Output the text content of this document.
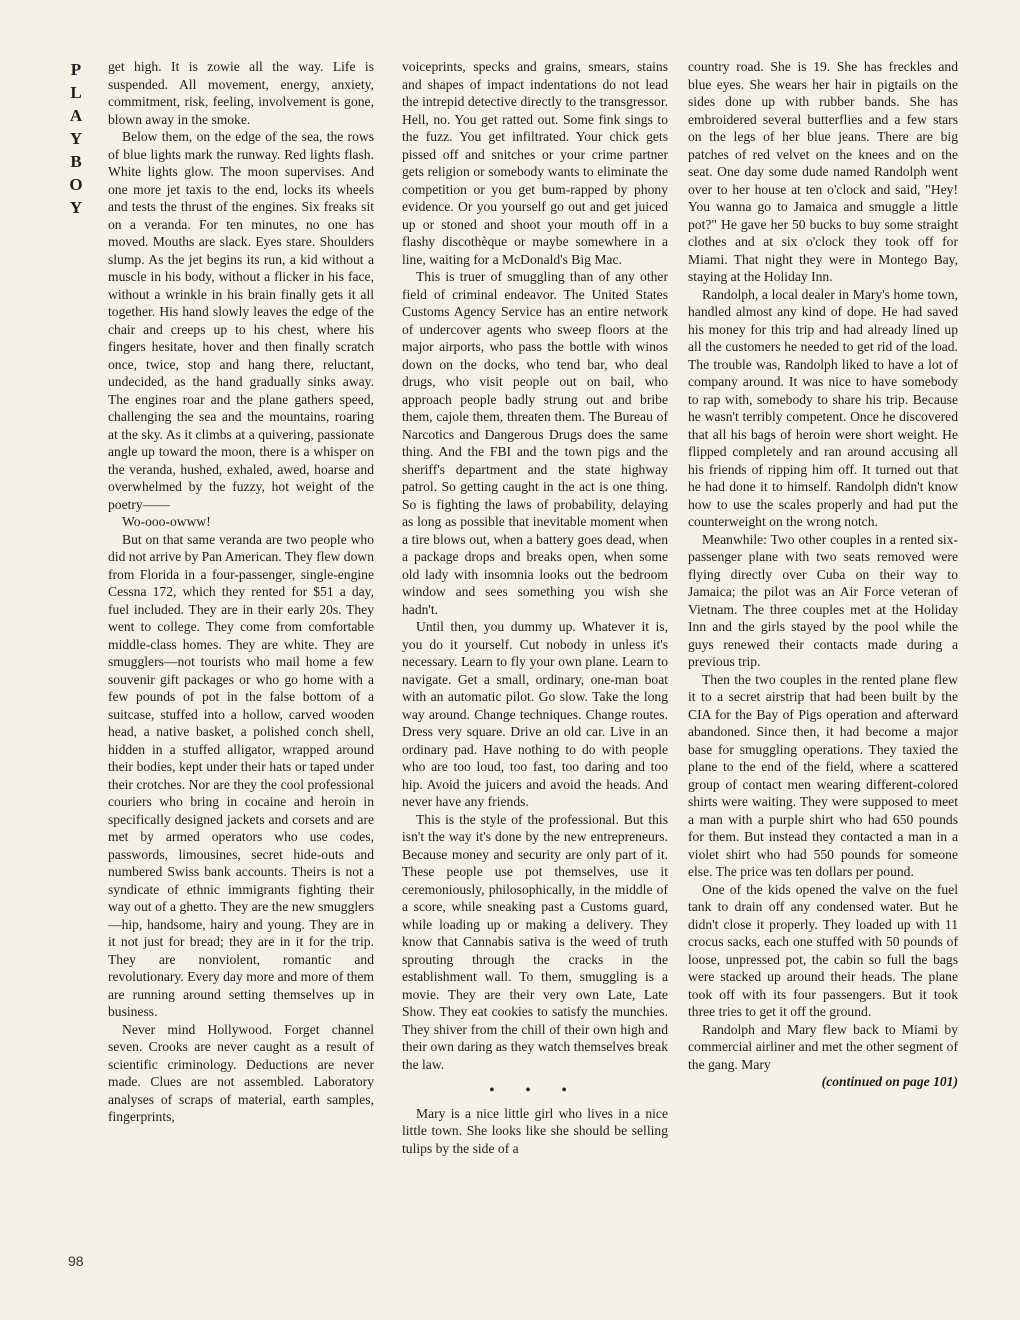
P
L
A
Y
B
O
Y
98

get high. It is zowie all the way. Life is suspended. All movement, energy, anxiety, commitment, risk, feeling, involvement is gone, blown away in the smoke.

Below them, on the edge of the sea, the rows of blue lights mark the runway. Red lights flash. White lights glow. The moon supervises. And one more jet taxis to the end, locks its wheels and tests the thrust of the engines. Six freaks sit on a veranda. For ten minutes, no one has moved. Mouths are slack. Eyes stare. Shoulders slump. As the jet begins its run, a kid without a muscle in his body, without a flicker in his face, without a wrinkle in his brain finally gets it all together. His hand slowly leaves the edge of the chair and creeps up to his chest, where his fingers hesitate, hover and then finally scratch once, twice, stop and hang there, reluctant, undecided, as the hand gradually sinks away. The engines roar and the plane gathers speed, challenging the sea and the mountains, roaring at the sky. As it climbs at a quivering, passionate angle up toward the moon, there is a whisper on the veranda, hushed, exhaled, awed, hoarse and overwhelmed by the fuzzy, hot weight of the poetry——

Wo-ooo-owww!

But on that same veranda are two people who did not arrive by Pan American. They flew down from Florida in a four-passenger, single-engine Cessna 172, which they rented for $51 a day, fuel included. They are in their early 20s. They went to college. They come from comfortable middle-class homes. They are white. They are smugglers—not tourists who mail home a few souvenir gift packages or who go home with a few pounds of pot in the false bottom of a suitcase, stuffed into a hollow, carved wooden head, a native basket, a polished conch shell, hidden in a stuffed alligator, wrapped around their bodies, kept under their hats or taped under their crotches. Nor are they the cool professional couriers who bring in cocaine and heroin in specifically designed jackets and corsets and are met by armed operators who use codes, passwords, limousines, secret hide-outs and numbered Swiss bank accounts. Theirs is not a syndicate of ethnic immigrants fighting their way out of a ghetto. They are the new smugglers—hip, handsome, hairy and young. They are in it not just for bread; they are in it for the trip. They are nonviolent, romantic and revolutionary. Every day more and more of them are running around setting themselves up in business.

Never mind Hollywood. Forget channel seven. Crooks are never caught as a result of scientific criminology. Deductions are never made. Clues are not assembled. Laboratory analyses of scraps of material, earth samples, fingerprints,

voiceprints, specks and grains, smears, stains and shapes of impact indentations do not lead the intrepid detective directly to the transgressor. Hell, no. You get ratted out. Some fink sings to the fuzz. You get infiltrated. Your chick gets pissed off and snitches or your crime partner gets religion or somebody wants to eliminate the competition or you get bum-rapped by phony evidence. Or you yourself go out and get juiced up or stoned and shoot your mouth off in a flashy discothèque or maybe somewhere in a line, waiting for a McDonald's Big Mac.

This is truer of smuggling than of any other field of criminal endeavor. The United States Customs Agency Service has an entire network of undercover agents who sweep floors at the major airports, who pass the bottle with winos down on the docks, who tend bar, who deal drugs, who visit people out on bail, who approach people badly strung out and bribe them, cajole them, threaten them. The Bureau of Narcotics and Dangerous Drugs does the same thing. And the FBI and the town pigs and the sheriff's department and the state highway patrol. So getting caught in the act is one thing. So is fighting the laws of probability, delaying as long as possible that inevitable moment when a tire blows out, when a battery goes dead, when a package drops and breaks open, when some old lady with insomnia looks out the bedroom window and sees something you wish she hadn't.

Until then, you dummy up. Whatever it is, you do it yourself. Cut nobody in unless it's necessary. Learn to fly your own plane. Learn to navigate. Get a small, ordinary, one-man boat with an automatic pilot. Go slow. Take the long way around. Change techniques. Change routes. Dress very square. Drive an old car. Live in an ordinary pad. Have nothing to do with people who are too loud, too fast, too daring and too hip. Avoid the juicers and avoid the heads. And never have any friends.

This is the style of the professional. But this isn't the way it's done by the new entrepreneurs. Because money and security are only part of it. These people use pot themselves, use it ceremoniously, philosophically, in the middle of a score, while sneaking past a Customs guard, while loading up or making a delivery. They know that Cannabis sativa is the weed of truth sprouting through the cracks in the establishment wall. To them, smuggling is a movie. They are their very own Late, Late Show. They eat cookies to satisfy the munchies. They shiver from the chill of their own high and their own daring as they watch themselves break the law.

• • •

Mary is a nice little girl who lives in a nice little town. She looks like she should be selling tulips by the side of a

country road. She is 19. She has freckles and blue eyes. She wears her hair in pigtails on the sides done up with rubber bands. She has embroidered several butterflies and a few stars on the legs of her blue jeans. There are big patches of red velvet on the knees and on the seat. One day some dude named Randolph went over to her house at ten o'clock and said, "Hey! You wanna go to Jamaica and smuggle a little pot?" He gave her 50 bucks to buy some straight clothes and at six o'clock they took off for Miami. That night they were in Montego Bay, staying at the Holiday Inn.

Randolph, a local dealer in Mary's home town, handled almost any kind of dope. He had saved his money for this trip and had already lined up all the customers he needed to get rid of the load. The trouble was, Randolph liked to have a lot of company around. It was nice to have somebody to rap with, somebody to share his trip. Because he wasn't terribly competent. Once he discovered that all his bags of heroin were short weight. He flipped completely and ran around accusing all his friends of ripping him off. It turned out that he had done it to himself. Randolph didn't know how to use the scales properly and had put the counterweight on the wrong notch.

Meanwhile: Two other couples in a rented six-passenger plane with two seats removed were flying directly over Cuba on their way to Jamaica; the pilot was an Air Force veteran of Vietnam. The three couples met at the Holiday Inn and the girls stayed by the pool while the guys renewed their contacts made during a previous trip.

Then the two couples in the rented plane flew it to a secret airstrip that had been built by the CIA for the Bay of Pigs operation and afterward abandoned. Since then, it had become a major base for smuggling operations. They taxied the plane to the end of the field, where a scattered group of contact men wearing different-colored shirts were waiting. They were supposed to meet a man with a purple shirt who had 650 pounds for them. But instead they contacted a man in a violet shirt who had 550 pounds for someone else. The price was ten dollars per pound.

One of the kids opened the valve on the fuel tank to drain off any condensed water. But he didn't close it properly. They loaded up with 11 crocus sacks, each one stuffed with 50 pounds of loose, unpressed pot, the cabin so full the bags were stacked up around their heads. The plane took off with its four passengers. But it took three tries to get it off the ground.

Randolph and Mary flew back to Miami by commercial airliner and met the other segment of the gang. Mary

(continued on page 101)
